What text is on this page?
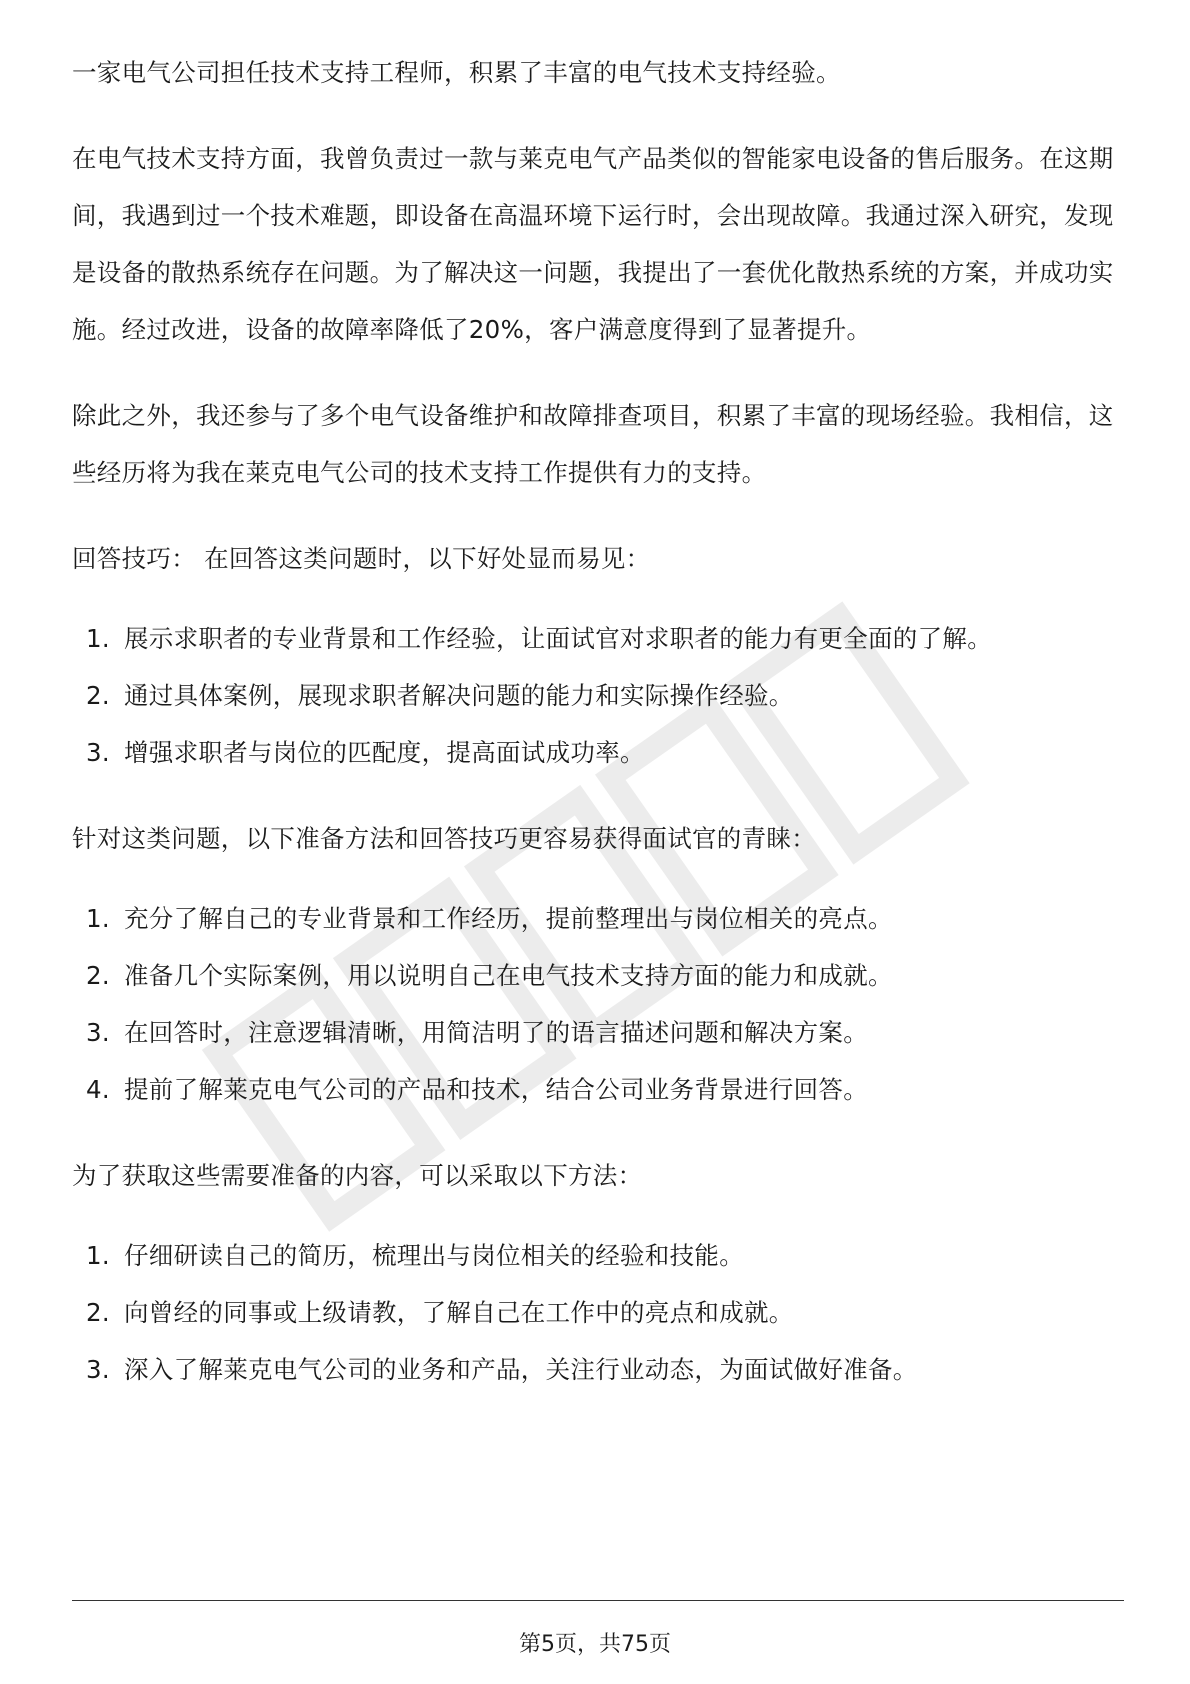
一家电气公司担任技术支持工程师，积累了丰富的电气技术支持经验。

在电气技术支持方面，我曾负责过一款与莱克电气产品类似的智能家电设备的售后服务。在这期间，我遇到过一个技术难题，即设备在高温环境下运行时，会出现故障。我通过深入研究，发现是设备的散热系统存在问题。为了解决这一问题，我提出了一套优化散热系统的方案，并成功实施。经过改进，设备的故障率降低了20%，客户满意度得到了显著提升。

除此之外，我还参与了多个电气设备维护和故障排查项目，积累了丰富的现场经验。我相信，这些经历将为我在莱克电气公司的技术支持工作提供有力的支持。

回答技巧： 在回答这类问题时，以下好处显而易见：

1. 展示求职者的专业背景和工作经验，让面试官对求职者的能力有更全面的了解。
2. 通过具体案例，展现求职者解决问题的能力和实际操作经验。
3. 增强求职者与岗位的匹配度，提高面试成功率。

针对这类问题，以下准备方法和回答技巧更容易获得面试官的青睐：

1. 充分了解自己的专业背景和工作经历，提前整理出与岗位相关的亮点。
2. 准备几个实际案例，用以说明自己在电气技术支持方面的能力和成就。
3. 在回答时，注意逻辑清晰，用简洁明了的语言描述问题和解决方案。
4. 提前了解莱克电气公司的产品和技术，结合公司业务背景进行回答。

为了获取这些需要准备的内容，可以采取以下方法：

1. 仔细研读自己的简历，梳理出与岗位相关的经验和技能。
2. 向曾经的同事或上级请教，了解自己在工作中的亮点和成就。
3. 深入了解莱克电气公司的业务和产品，关注行业动态，为面试做好准备。
第5页，共75页
